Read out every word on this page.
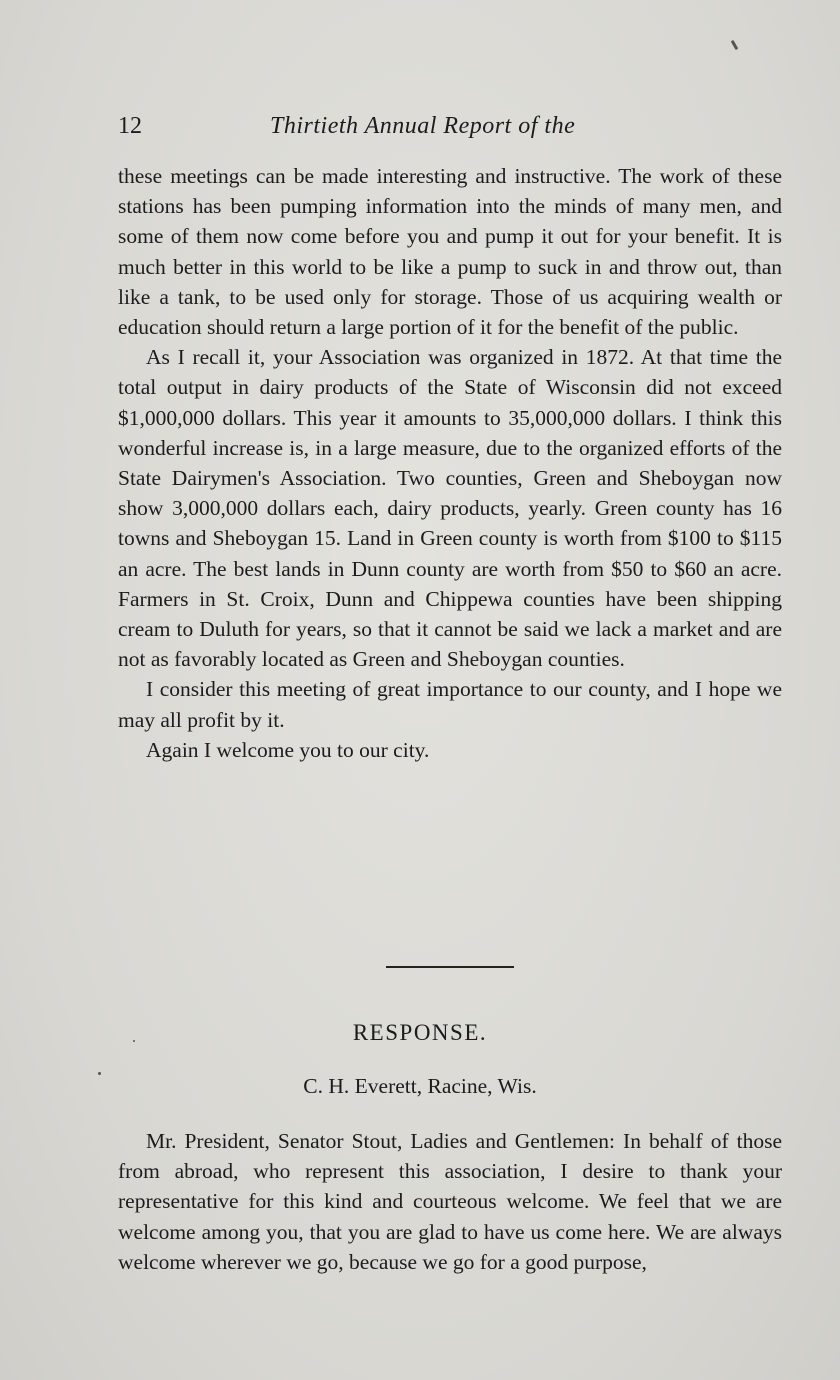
12	Thirtieth Annual Report of the

these meetings can be made interesting and instructive. The work of these stations has been pumping information into the minds of many men, and some of them now come before you and pump it out for your benefit. It is much better in this world to be like a pump to suck in and throw out, than like a tank, to be used only for storage. Those of us acquiring wealth or education should return a large portion of it for the benefit of the public.

As I recall it, your Association was organized in 1872. At that time the total output in dairy products of the State of Wisconsin did not exceed $1,000,000 dollars. This year it amounts to 35,000,000 dollars. I think this wonderful increase is, in a large measure, due to the organized efforts of the State Dairymen's Association. Two counties, Green and Sheboygan now show 3,000,000 dollars each, dairy products, yearly. Green county has 16 towns and Sheboygan 15. Land in Green county is worth from $100 to $115 an acre. The best lands in Dunn county are worth from $50 to $60 an acre. Farmers in St. Croix, Dunn and Chippewa counties have been shipping cream to Duluth for years, so that it cannot be said we lack a market and are not as favorably located as Green and Sheboygan counties.

I consider this meeting of great importance to our county, and I hope we may all profit by it.

Again I welcome you to our city.

RESPONSE.
C. H. Everett, Racine, Wis.

Mr. President, Senator Stout, Ladies and Gentlemen: In behalf of those from abroad, who represent this association, I desire to thank your representative for this kind and courteous welcome. We feel that we are welcome among you, that you are glad to have us come here. We are always welcome wherever we go, because we go for a good purpose,
